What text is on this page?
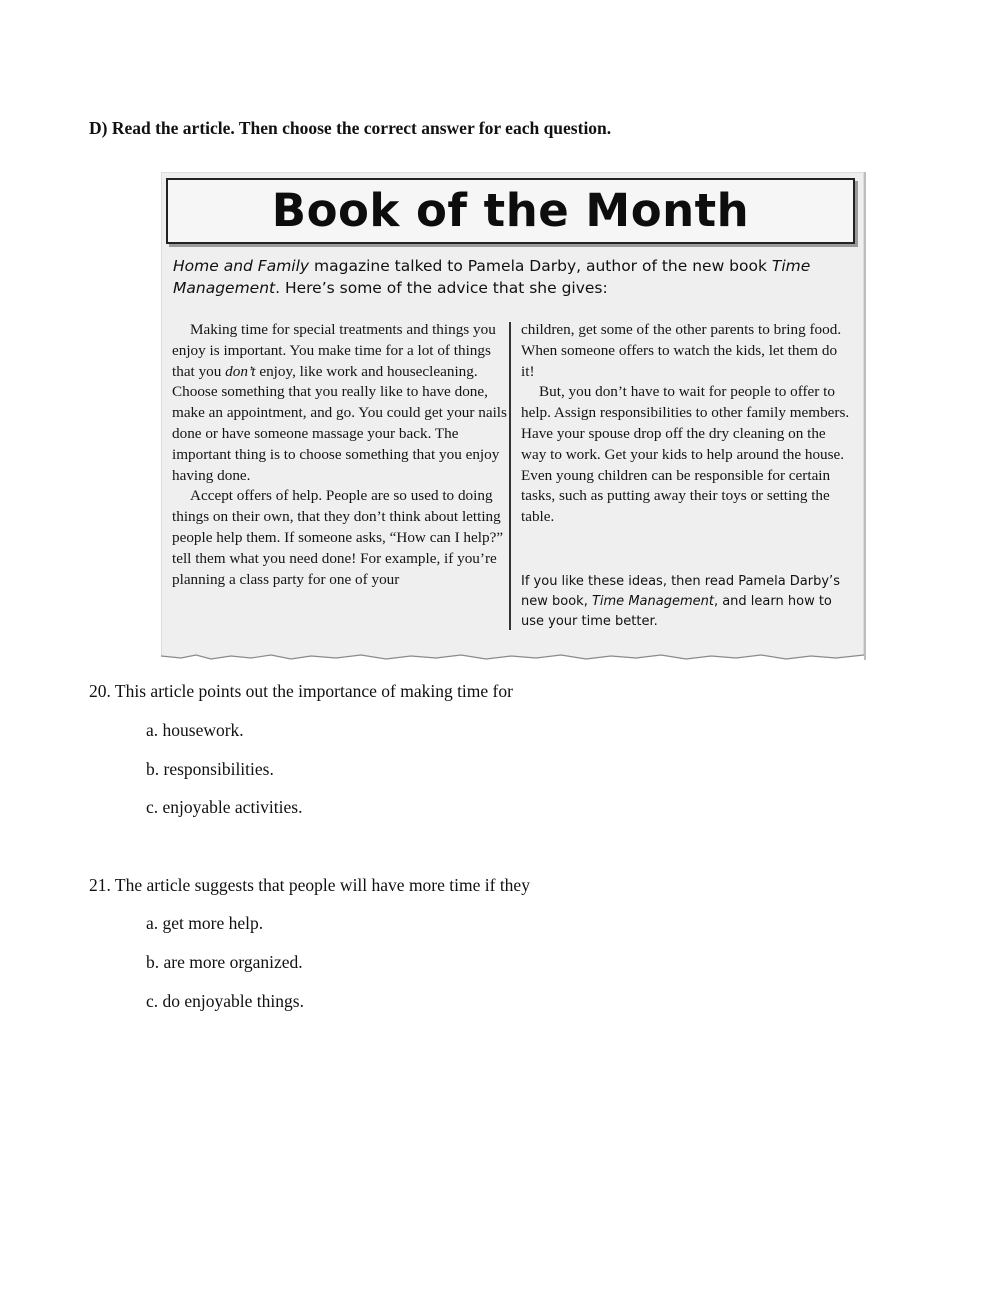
D) Read the article. Then choose the correct answer for each question.
Book of the Month
Home and Family magazine talked to Pamela Darby, author of the new book Time Management. Here’s some of the advice that she gives:

Making time for special treatments and things you enjoy is important. You make time for a lot of things that you don’t enjoy, like work and housecleaning. Choose something that you really like to have done, make an appointment, and go. You could get your nails done or have someone massage your back. The important thing is to choose something that you enjoy having done.

Accept offers of help. People are so used to doing things on their own, that they don’t think about letting people help them. If someone asks, “How can I help?” tell them what you need done! For example, if you’re planning a class party for one of your

children, get some of the other parents to bring food. When someone offers to watch the kids, let them do it!

But, you don’t have to wait for people to offer to help. Assign responsibilities to other family members. Have your spouse drop off the dry cleaning on the way to work. Get your kids to help around the house. Even young children can be responsible for certain tasks, such as putting away their toys or setting the table.

If you like these ideas, then read Pamela Darby’s new book, Time Management, and learn how to use your time better.
20. This article points out the importance of making time for
a. housework.
b. responsibilities.
c. enjoyable activities.
21. The article suggests that people will have more time if they
a. get more help.
b. are more organized.
c. do enjoyable things.
